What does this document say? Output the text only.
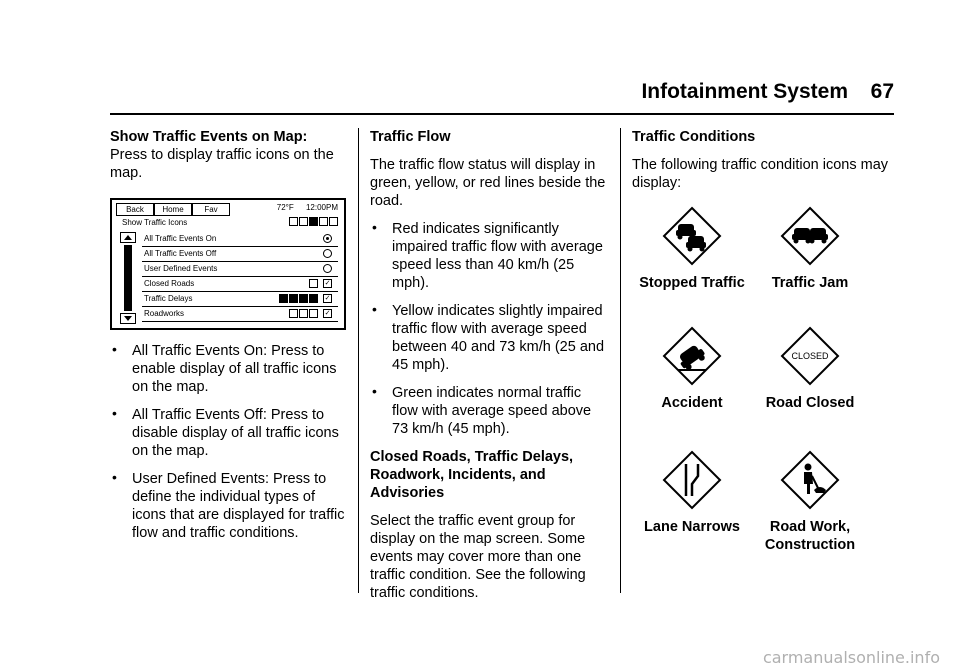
Infotainment System 67

Show Traffic Events on Map:

Press to display traffic icons on the map.

Back	Home	Fav	72°F 12:00PM
Show Traffic Icons
All Traffic Events On
All Traffic Events Off
User Defined Events
Closed Roads	✓
Traffic Delays	✓
Roadworks	✓
• All Traffic Events On: Press to enable display of all traffic icons on the map.
• All Traffic Events Off: Press to disable display of all traffic icons on the map.
• User Defined Events: Press to define the individual types of icons that are displayed for traffic flow and traffic conditions.

Traffic Flow

The traffic flow status will display in green, yellow, or red lines beside the road.

• Red indicates significantly impaired traffic flow with average speed less than 40 km/h (25 mph).
• Yellow indicates slightly impaired traffic flow with average speed between 40 and 73 km/h (25 and 45 mph).
• Green indicates normal traffic flow with average speed above 73 km/h (45 mph).

Closed Roads, Traffic Delays, Roadwork, Incidents, and Advisories

Select the traffic event group for display on the map screen. Some events may cover more than one traffic condition. See the following traffic conditions.

Traffic Conditions

The following traffic condition icons may display:

Stopped Traffic	Traffic Jam
Accident
CLOSED
Road Closed
Lane Narrows	Road Work,
Construction
carmanualsonline.info
